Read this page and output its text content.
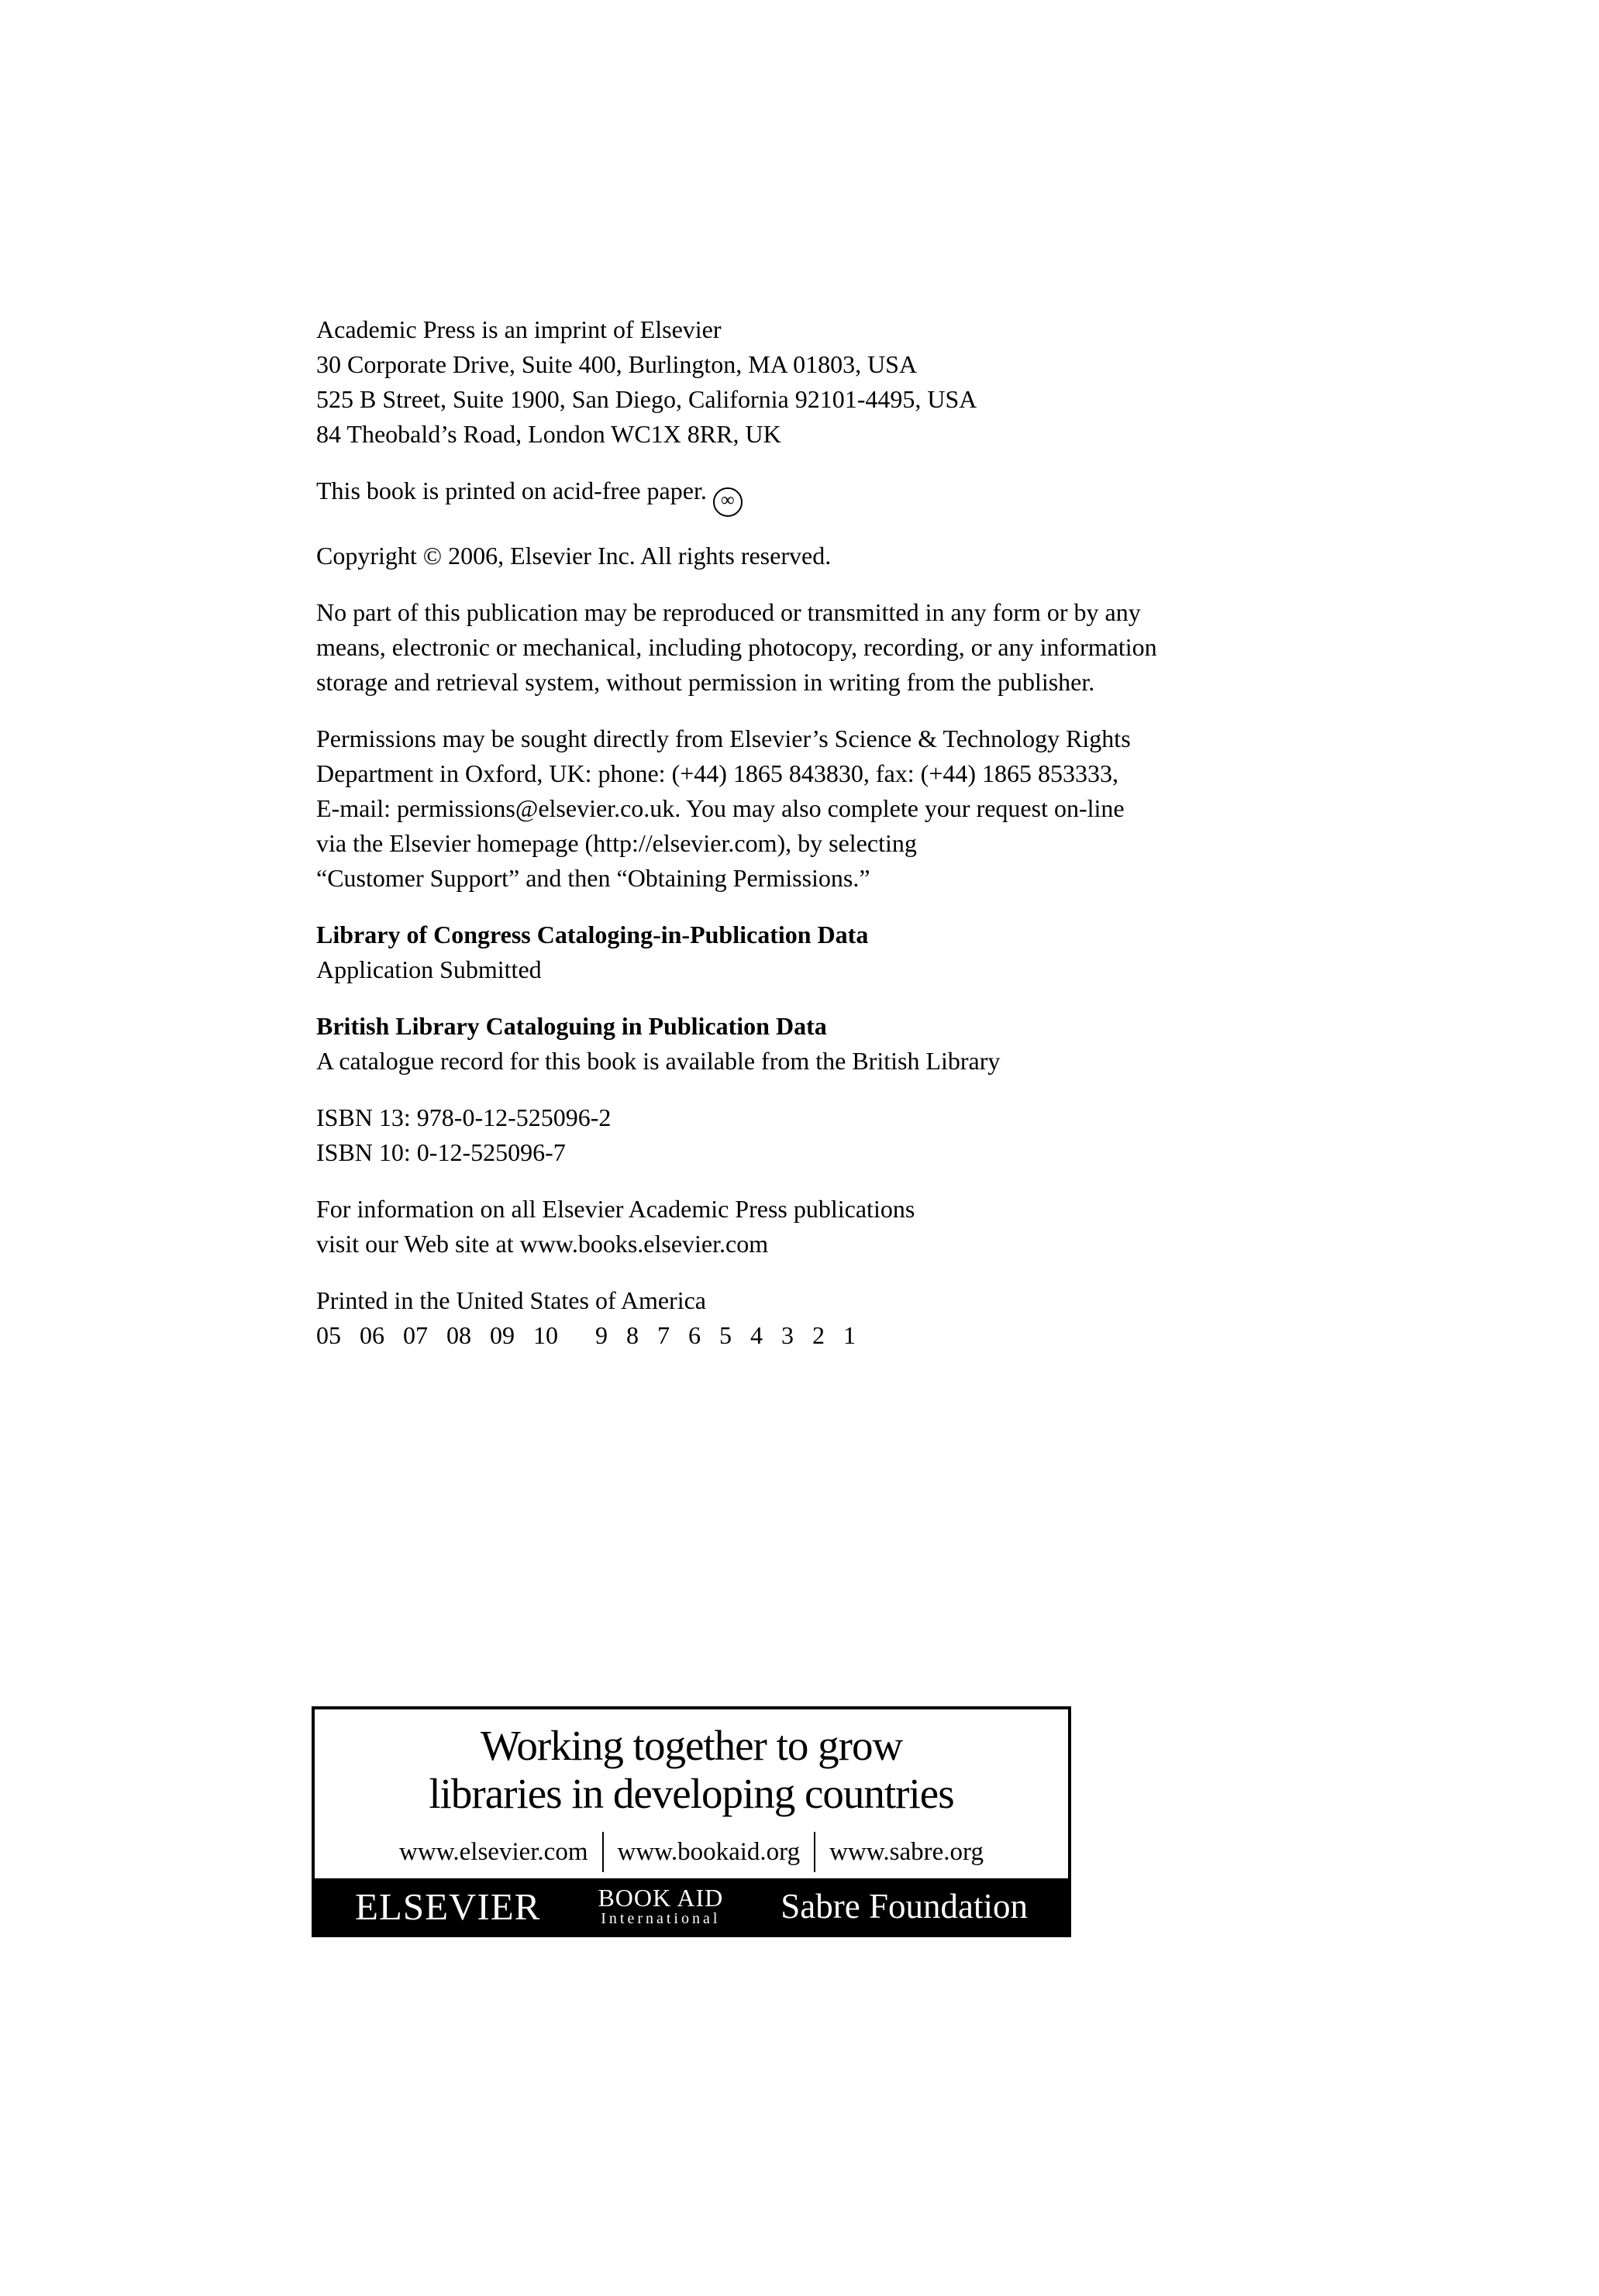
Academic Press is an imprint of Elsevier
30 Corporate Drive, Suite 400, Burlington, MA 01803, USA
525 B Street, Suite 1900, San Diego, California 92101-4495, USA
84 Theobald’s Road, London WC1X 8RR, UK
This book is printed on acid-free paper. ∞
Copyright © 2006, Elsevier Inc. All rights reserved.
No part of this publication may be reproduced or transmitted in any form or by any
means, electronic or mechanical, including photocopy, recording, or any information
storage and retrieval system, without permission in writing from the publisher.
Permissions may be sought directly from Elsevier’s Science & Technology Rights
Department in Oxford, UK: phone: (+44) 1865 843830, fax: (+44) 1865 853333,
E-mail: permissions@elsevier.co.uk. You may also complete your request on-line
via the Elsevier homepage (http://elsevier.com), by selecting
“Customer Support” and then “Obtaining Permissions.”
Library of Congress Cataloging-in-Publication Data
Application Submitted
British Library Cataloguing in Publication Data
A catalogue record for this book is available from the British Library
ISBN 13: 978-0-12-525096-2
ISBN 10: 0-12-525096-7
For information on all Elsevier Academic Press publications
visit our Web site at www.books.elsevier.com
Printed in the United States of America
05   06   07   08   09   10      9   8   7   6   5   4   3   2   1
Working together to grow
libraries in developing countries
www.elsevier.com	www.bookaid.org	www.sabre.org
ELSEVIER BOOK AID
International Sabre Foundation
